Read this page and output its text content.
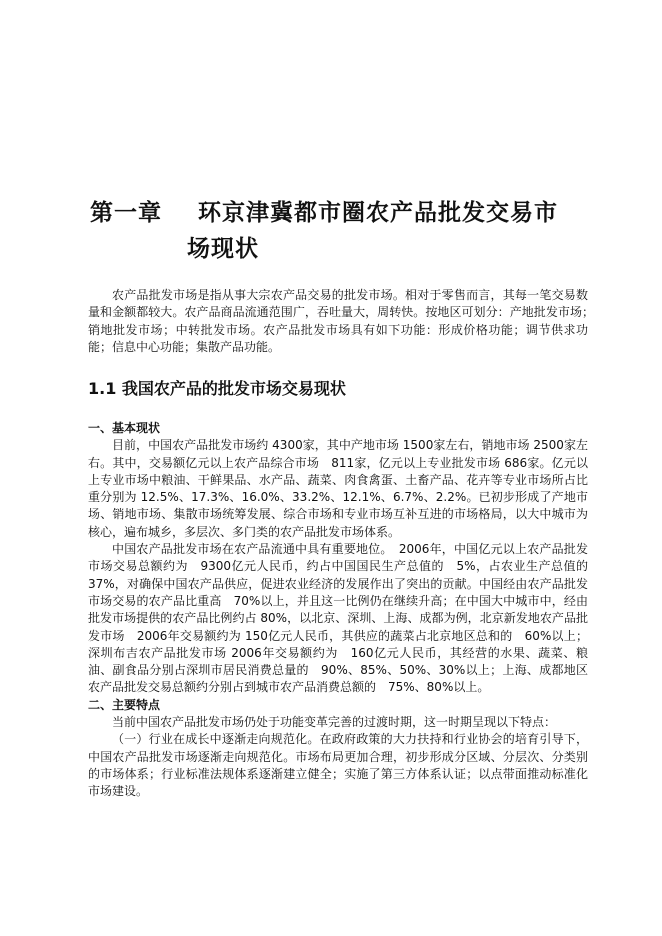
第一章 环京津冀都市圈农产品批发交易市
场现状

农产品批发市场是指从事大宗农产品交易的批发市场。相对于零售而言，其每一笔交易数量和金额都较大。农产品商品流通范围广，吞吐量大，周转快。按地区可划分：产地批发市场；　　销地批发市场；中转批发市场。农产品批发市场具有如下功能：形成价格功能；调节供求功能；信息中心功能；集散产品功能。

1.1 我国农产品的批发市场交易现状

一、基本现状

目前，中国农产品批发市场约 4300家，其中产地市场 1500家左右，销地市场 2500家左右。其中，交易额亿元以上农产品综合市场　811家，亿元以上专业批发市场 686家。亿元以上专业市场中粮油、干鲜果品、水产品、蔬菜、肉食禽蛋、土畜产品、花卉等专业市场所占比重分别为 12.5%、17.3%、16.0%、33.2%、12.1%、6.7%、2.2%。已初步形成了产地市场、销地市场、集散市场统筹发展、综合市场和专业市场互补互进的市场格局，以大中城市为核心，遍布城乡，多层次、多门类的农产品批发市场体系。

中国农产品批发市场在农产品流通中具有重要地位。　2006年，中国亿元以上农产品批发市场交易总额约为　9300亿元人民币，约占中国国民生产总值的　5%，占农业生产总值的 37%，对确保中国农产品供应，促进农业经济的发展作出了突出的贡献。中国经由农产品批发市场交易的农产品比重高　70%以上，并且这一比例仍在继续升高；在中国大中城市中，经由批发市场提供的农产品比例约占 80%，以北京、深圳、上海、成都为例，北京新发地农产品批发市场　2006年交易额约为 150亿元人民币，其供应的蔬菜占北京地区总和的　60%以上；深圳布吉农产品批发市场 2006年交易额约为　160亿元人民币，其经营的水果、蔬菜、粮油、副食品分别占深圳市居民消费总量的　90%、85%、50%、30%以上；上海、成都地区农产品批发交易总额约分别占到城市农产品消费总额的　75%、80%以上。

二、主要特点

当前中国农产品批发市场仍处于功能变革完善的过渡时期，这一时期呈现以下特点：

（一）行业在成长中逐渐走向规范化。在政府政策的大力扶持和行业协会的培育引导下，中国农产品批发市场逐渐走向规范化。市场布局更加合理，初步形成分区域、分层次、分类别的市场体系；行业标准法规体系逐渐建立健全；实施了第三方体系认证；以点带面推动标准化市场建设。
